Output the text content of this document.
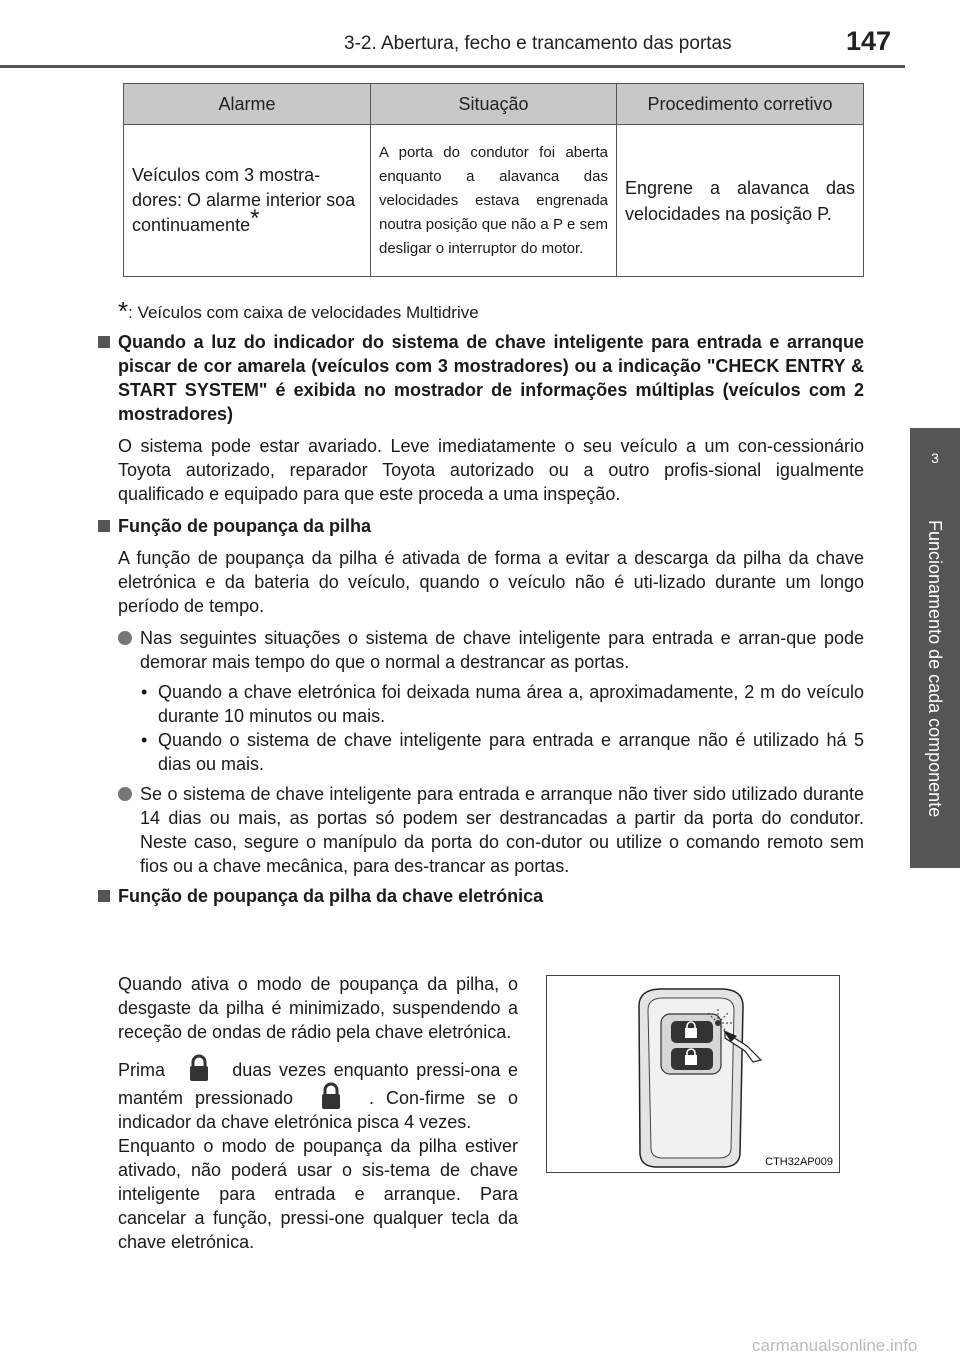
3-2. Abertura, fecho e trancamento das portas	147
3
Funcionamento de cada componente
Alarme	Situação	Procedimento corretivo
Veículos com 3 mostra-dores: O alarme interior soa continuamente*	A porta do condutor foi aberta enquanto a alavanca das velocidades estava engrenada noutra posição que não a P e sem desligar o interruptor do motor.	Engrene a alavanca das velocidades na posição P.
*: Veículos com caixa de velocidades Multidrive
Quando a luz do indicador do sistema de chave inteligente para entrada e arranque piscar de cor amarela (veículos com 3 mostradores) ou a indicação "CHECK ENTRY & START SYSTEM" é exibida no mostrador de informações múltiplas (veículos com 2 mostradores)
O sistema pode estar avariado. Leve imediatamente o seu veículo a um con-cessionário Toyota autorizado, reparador Toyota autorizado ou a outro profis-sional igualmente qualificado e equipado para que este proceda a uma inspeção.
Função de poupança da pilha
A função de poupança da pilha é ativada de forma a evitar a descarga da pilha da chave eletrónica e da bateria do veículo, quando o veículo não é uti-lizado durante um longo período de tempo.
Nas seguintes situações o sistema de chave inteligente para entrada e arran-que pode demorar mais tempo do que o normal a destrancar as portas.
• Quando a chave eletrónica foi deixada numa área a, aproximadamente, 2 m do veículo durante 10 minutos ou mais.
• Quando o sistema de chave inteligente para entrada e arranque não é utilizado há 5 dias ou mais.
Se o sistema de chave inteligente para entrada e arranque não tiver sido utilizado durante 14 dias ou mais, as portas só podem ser destrancadas a partir da porta do condutor. Neste caso, segure o manípulo da porta do con-dutor ou utilize o comando remoto sem fios ou a chave mecânica, para des-trancar as portas.
Função de poupança da pilha da chave eletrónica

Quando ativa o modo de poupança da pilha, o desgaste da pilha é minimizado, suspendendo a receção de ondas de rádio pela chave eletrónica.

Prima	duas vezes enquanto pressi-ona e mantém pressionado	. Con-firme se o indicador da chave eletrónica pisca 4 vezes.

Enquanto o modo de poupança da pilha estiver ativado, não poderá usar o sis-tema de chave inteligente para entrada e arranque. Para cancelar a função, pressi-one qualquer tecla da chave eletrónica.

CTH32AP009
carmanualsonline.info
